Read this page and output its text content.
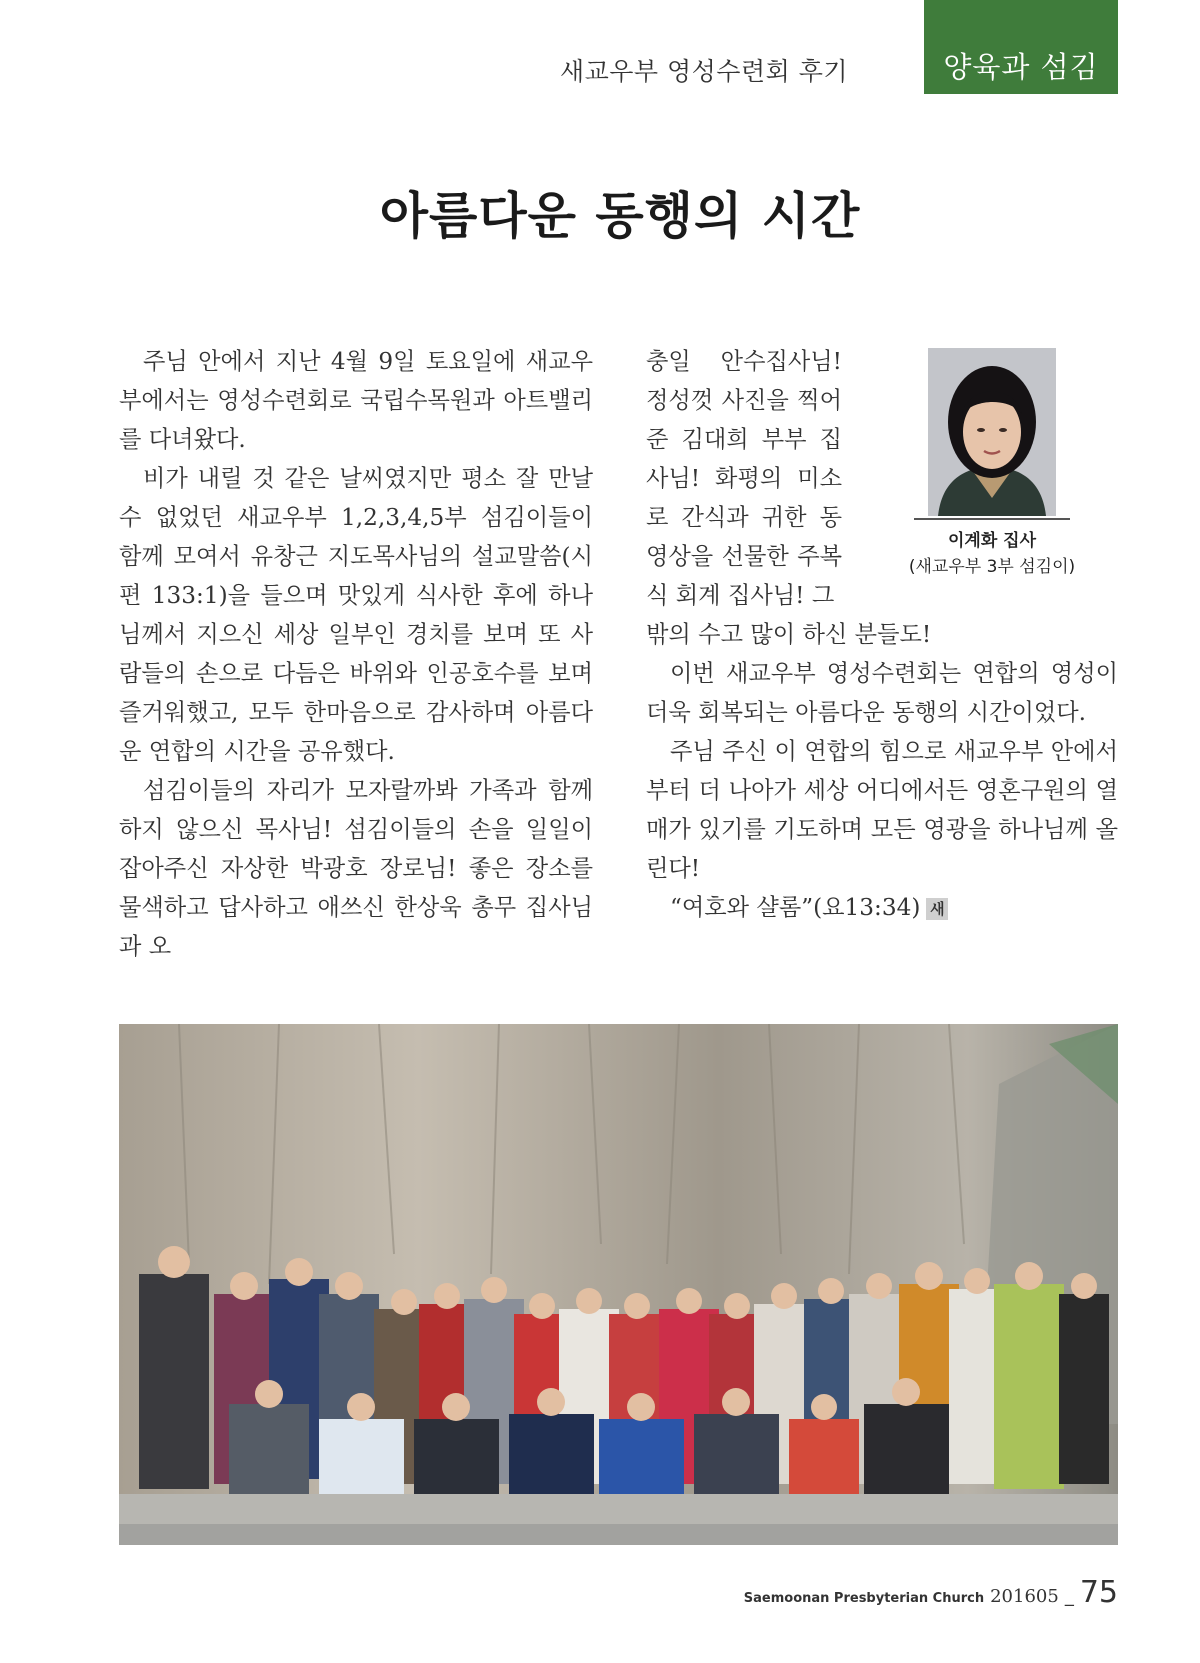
새교우부 영성수련회 후기	양육과 섬김
아름다운 동행의 시간

주님 안에서 지난 4월 9일 토요일에 새교우부에서는 영성수련회로 국립수목원과 아트밸리를 다녀왔다.

비가 내릴 것 같은 날씨였지만 평소 잘 만날 수 없었던 새교우부 1,2,3,4,5부 섬김이들이 함께 모여서 유창근 지도목사님의 설교말씀(시편 133:1)을 들으며 맛있게 식사한 후에 하나님께서 지으신 세상 일부인 경치를 보며 또 사람들의 손으로 다듬은 바위와 인공호수를 보며 즐거워했고, 모두 한마음으로 감사하며 아름다운 연합의 시간을 공유했다.

섬김이들의 자리가 모자랄까봐 가족과 함께 하지 않으신 목사님! 섬김이들의 손을 일일이 잡아주신 자상한 박광호 장로님! 좋은 장소를 물색하고 답사하고 애쓰신 한상욱 총무 집사님과 오

충일 안수집사님! 정성껏 사진을 찍어 준 김대희 부부 집사님! 화평의 미소로 간식과 귀한 동영상을 선물한 주복식 회계 집사님! 그

밖의 수고 많이 하신 분들도!

이번 새교우부 영성수련회는 연합의 영성이 더욱 회복되는 아름다운 동행의 시간이었다.

주님 주신 이 연합의 힘으로 새교우부 안에서부터 더 나아가 세상 어디에서든 영혼구원의 열매가 있기를 기도하며 모든 영광을 하나님께 올린다!

“여호와 샬롬”(요13:34) 새

이계화 집사
(새교우부 3부 섬김이)
Saemoonan Presbyterian Church 201605 _ 75
